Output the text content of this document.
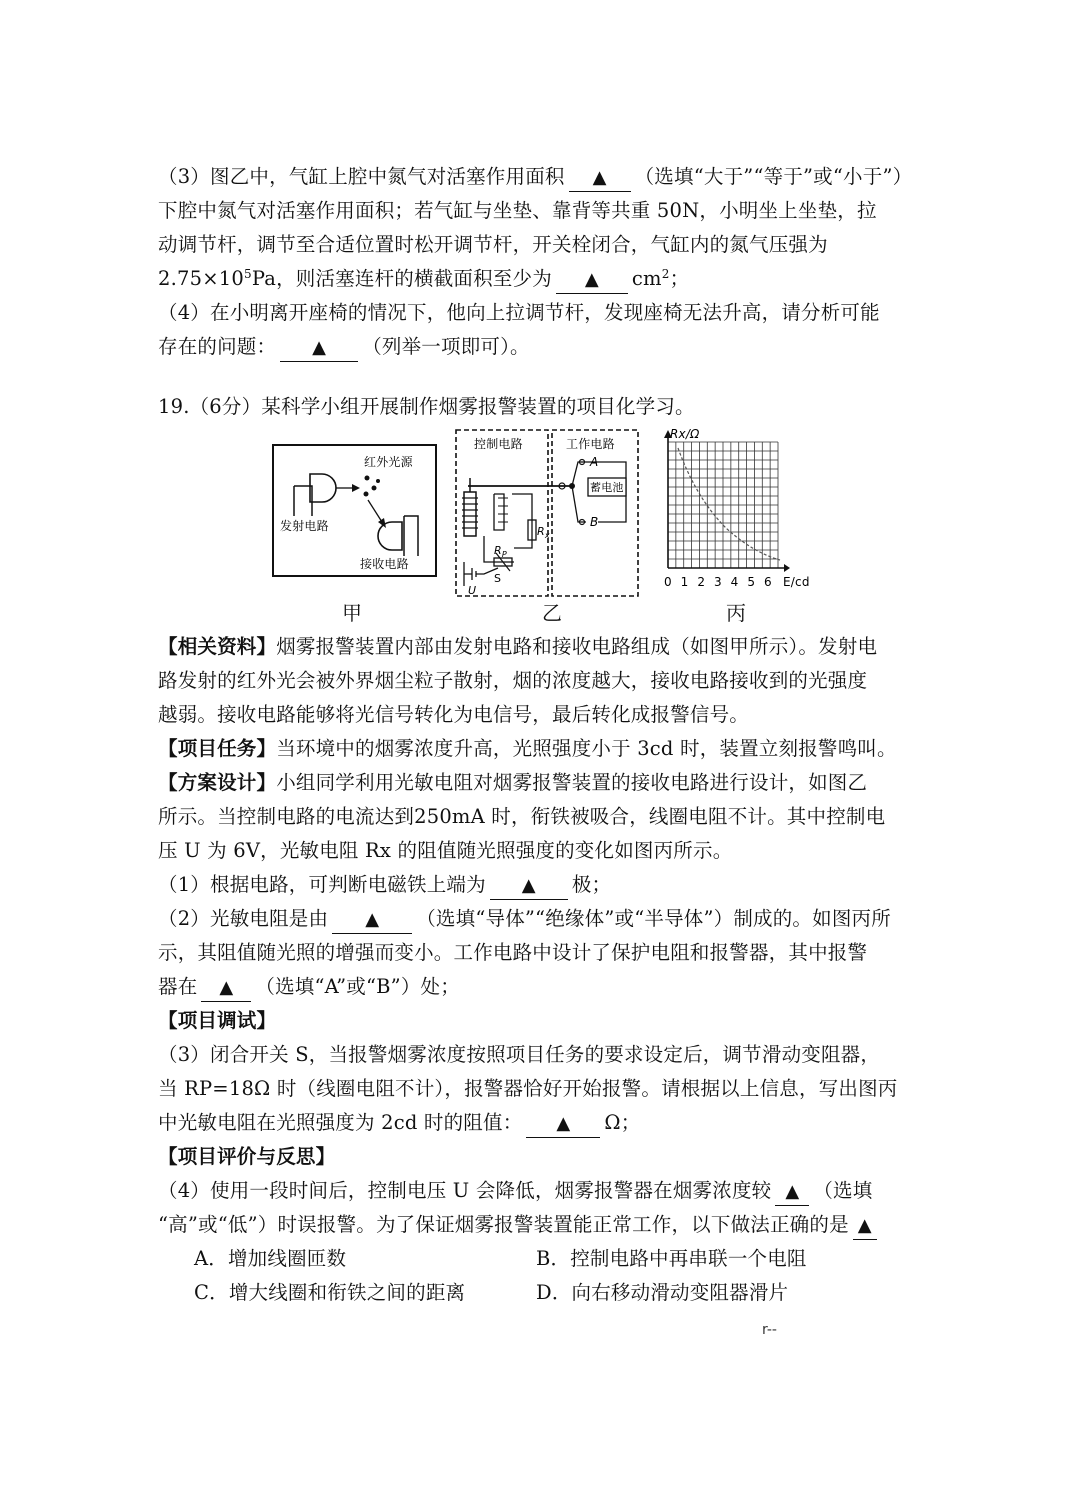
（3）图乙中，气缸上腔中氮气对活塞作用面积 ▲ （选填“大于”“等于”或“小于”）
下腔中氮气对活塞作用面积；若气缸与坐垫、靠背等共重 50N，小明坐上坐垫，拉
动调节杆，调节至合适位置时松开调节杆，开关栓闭合，气缸内的氮气压强为
$2.75\times 10^5Pa$，则活塞连杆的横截面积至少为 ▲ $cm^2$；
（4）在小明离开座椅的情况下，他向上拉调节杆，发现座椅无法升高，请分析可能
存在的问题： ▲ （列举一项即可）。
19.（6分）某科学小组开展制作烟雾报警装置的项目化学习。
红外光源
发射电路
接收电路
甲
控制电路	工作电路
$R_x$
$R_P$
U
S
A
B
蓄电池
乙
Rx/Ω
E/cd
0 1 2 3 4 5 6
丙
【相关资料】烟雾报警装置内部由发射电路和接收电路组成（如图甲所示）。发射电
路发射的红外光会被外界烟尘粒子散射，烟的浓度越大，接收电路接收到的光强度
越弱。接收电路能够将光信号转化为电信号，最后转化成报警信号。
【项目任务】当环境中的烟雾浓度升高，光照强度小于 3cd 时，装置立刻报警鸣叫。
【方案设计】小组同学利用光敏电阻对烟雾报警装置的接收电路进行设计，如图乙
所示。当控制电路的电流达到250mA 时，衔铁被吸合，线圈电阻不计。其中控制电
压 U 为 6V，光敏电阻 Rx 的阻值随光照强度的变化如图丙所示。
（1）根据电路，可判断电磁铁上端为 ▲ 极；
（2）光敏电阻是由 ▲ （选填“导体”“绝缘体”或“半导体”）制成的。如图丙所
示，其阻值随光照的增强而变小。工作电路中设计了保护电阻和报警器，其中报警
器在 ▲ （选填“A”或“B”）处；
【项目调试】
（3）闭合开关 S，当报警烟雾浓度按照项目任务的要求设定后，调节滑动变阻器，
当 RP=18Ω 时（线圈电阻不计），报警器恰好开始报警。请根据以上信息，写出图丙
中光敏电阻在光照强度为 2cd 时的阻值： ▲ Ω；
【项目评价与反思】
（4）使用一段时间后，控制电压 U 会降低，烟雾报警器在烟雾浓度较 ▲ （选填
“高”或“低”）时误报警。为了保证烟雾报警装置能正常工作，以下做法正确的是 ▲
A．增加线圈匝数	B．控制电路中再串联一个电阻
C．增大线圈和衔铁之间的距离	D．向右移动滑动变阻器滑片
r--
